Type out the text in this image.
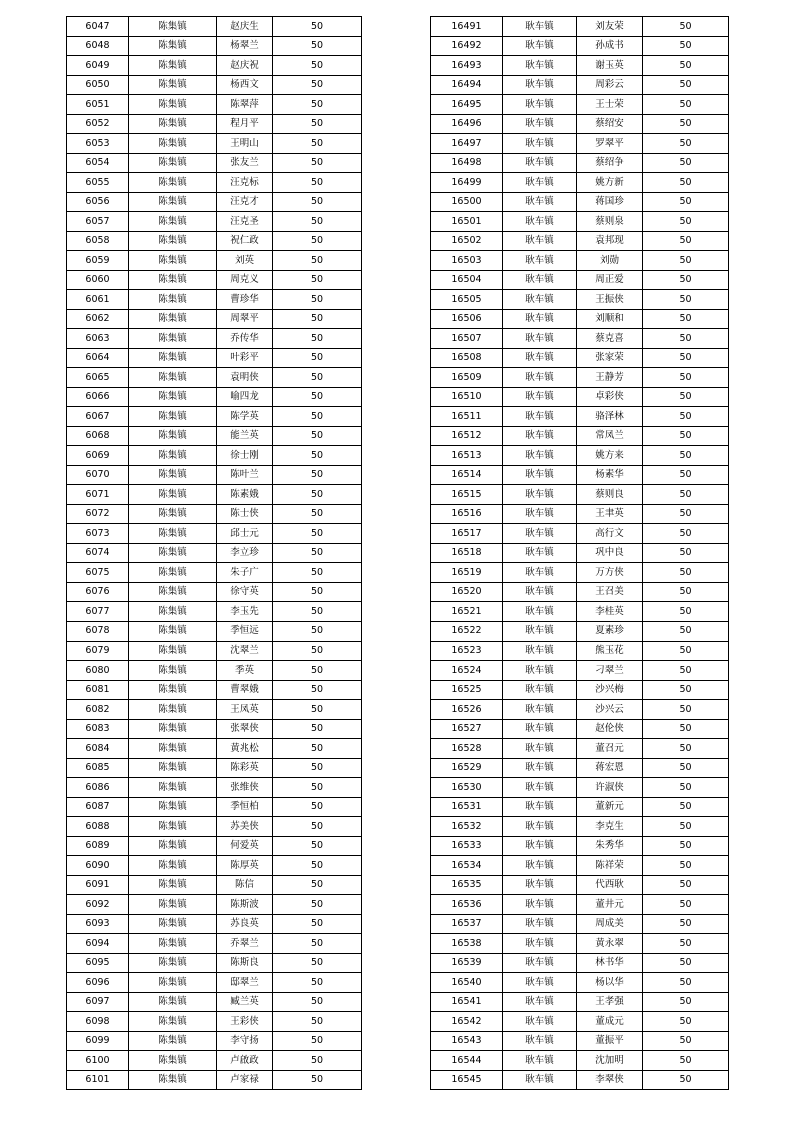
6047	陈集镇	赵庆生	50
6048	陈集镇	杨翠兰	50
6049	陈集镇	赵庆祝	50
6050	陈集镇	杨西文	50
6051	陈集镇	陈翠萍	50
6052	陈集镇	程月平	50
6053	陈集镇	王明山	50
6054	陈集镇	张友兰	50
6055	陈集镇	汪克标	50
6056	陈集镇	汪克才	50
6057	陈集镇	汪克圣	50
6058	陈集镇	祝仁政	50
6059	陈集镇	刘英	50
6060	陈集镇	周克义	50
6061	陈集镇	曹珍华	50
6062	陈集镇	周翠平	50
6063	陈集镇	乔传华	50
6064	陈集镇	叶彩平	50
6065	陈集镇	袁明侠	50
6066	陈集镇	喻四龙	50
6067	陈集镇	陈学英	50
6068	陈集镇	能兰英	50
6069	陈集镇	徐士刚	50
6070	陈集镇	陈叶兰	50
6071	陈集镇	陈素娥	50
6072	陈集镇	陈士侠	50
6073	陈集镇	邱士元	50
6074	陈集镇	李立珍	50
6075	陈集镇	朱子广	50
6076	陈集镇	徐守英	50
6077	陈集镇	李玉先	50
6078	陈集镇	季恒远	50
6079	陈集镇	沈翠兰	50
6080	陈集镇	季英	50
6081	陈集镇	曹翠娥	50
6082	陈集镇	王凤英	50
6083	陈集镇	张翠侠	50
6084	陈集镇	黄兆松	50
6085	陈集镇	陈彩英	50
6086	陈集镇	张维侠	50
6087	陈集镇	季恒柏	50
6088	陈集镇	苏美侠	50
6089	陈集镇	何爱英	50
6090	陈集镇	陈厚英	50
6091	陈集镇	陈信	50
6092	陈集镇	陈斯波	50
6093	陈集镇	苏良英	50
6094	陈集镇	乔翠兰	50
6095	陈集镇	陈斯良	50
6096	陈集镇	邸翠兰	50
6097	陈集镇	臧兰英	50
6098	陈集镇	王彩侠	50
6099	陈集镇	李守扬	50
6100	陈集镇	卢啟政	50
6101	陈集镇	卢家禄	50
16491	耿车镇	刘友荣	50
16492	耿车镇	孙成书	50
16493	耿车镇	谢玉英	50
16494	耿车镇	周彩云	50
16495	耿车镇	王士荣	50
16496	耿车镇	蔡绍安	50
16497	耿车镇	罗翠平	50
16498	耿车镇	蔡绍争	50
16499	耿车镇	姚方新	50
16500	耿车镇	蒋国珍	50
16501	耿车镇	蔡则泉	50
16502	耿车镇	袁邦现	50
16503	耿车镇	刘勋	50
16504	耿车镇	周正爱	50
16505	耿车镇	王振侠	50
16506	耿车镇	刘顺和	50
16507	耿车镇	蔡克喜	50
16508	耿车镇	张家荣	50
16509	耿车镇	王静芳	50
16510	耿车镇	卓彩侠	50
16511	耿车镇	骆泽林	50
16512	耿车镇	常凤兰	50
16513	耿车镇	姚方来	50
16514	耿车镇	杨素华	50
16515	耿车镇	蔡则良	50
16516	耿车镇	王聿英	50
16517	耿车镇	高行文	50
16518	耿车镇	巩中良	50
16519	耿车镇	万方侠	50
16520	耿车镇	王召美	50
16521	耿车镇	李桂英	50
16522	耿车镇	夏素珍	50
16523	耿车镇	熊玉花	50
16524	耿车镇	刁翠兰	50
16525	耿车镇	沙兴梅	50
16526	耿车镇	沙兴云	50
16527	耿车镇	赵伦侠	50
16528	耿车镇	董召元	50
16529	耿车镇	蒋宏恩	50
16530	耿车镇	许淑侠	50
16531	耿车镇	董新元	50
16532	耿车镇	李克生	50
16533	耿车镇	朱秀华	50
16534	耿车镇	陈祥荣	50
16535	耿车镇	代西耿	50
16536	耿车镇	董井元	50
16537	耿车镇	周成美	50
16538	耿车镇	黄永翠	50
16539	耿车镇	林书华	50
16540	耿车镇	杨以华	50
16541	耿车镇	王孝强	50
16542	耿车镇	董成元	50
16543	耿车镇	董振平	50
16544	耿车镇	沈加明	50
16545	耿车镇	李翠侠	50
